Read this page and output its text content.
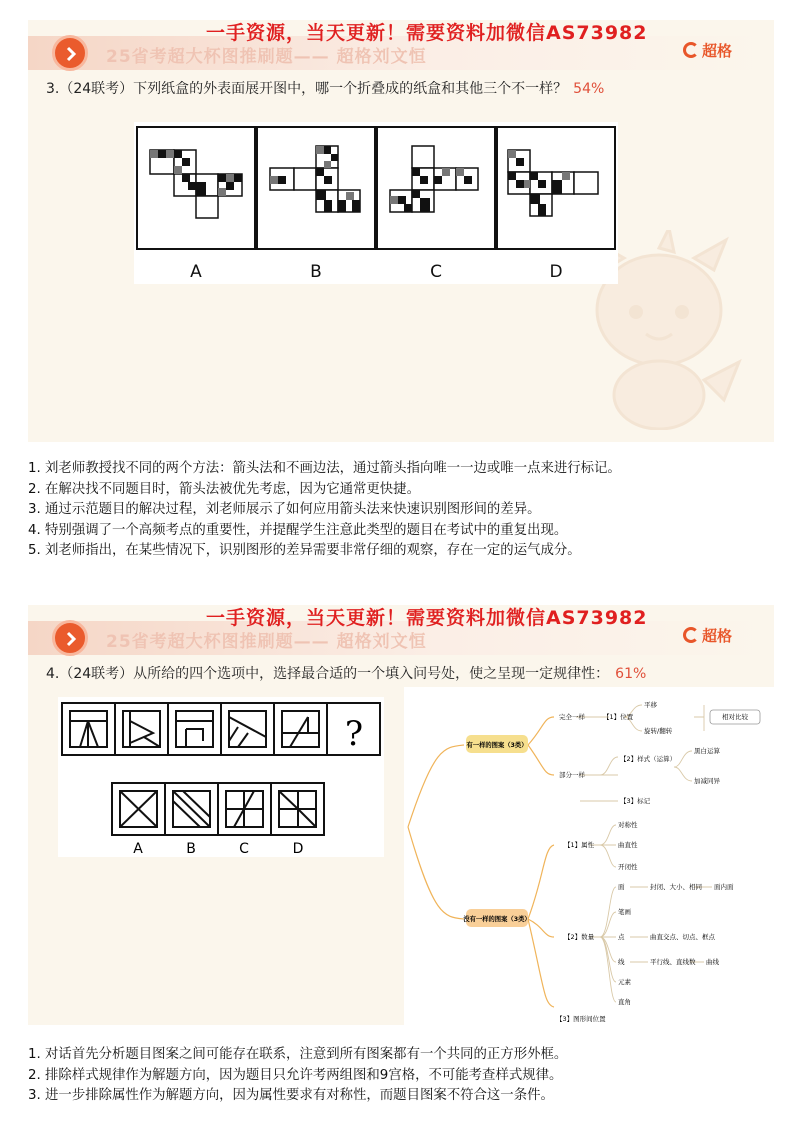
25省考超大杯图推刷题—— 超格刘文恒
一手资源，当天更新！需要资料加微信AS73982
超格
3.（24联考）下列纸盒的外表面展开图中，哪一个折叠成的纸盒和其他三个不一样？ 54%
A	B	C	D
1. 刘老师教授找不同的两个方法：箭头法和不画边法，通过箭头指向唯一一边或唯一点来进行标记。
2. 在解决找不同题目时，箭头法被优先考虑，因为它通常更快捷。
3. 通过示范题目的解决过程，刘老师展示了如何应用箭头法来快速识别图形间的差异。
4. 特别强调了一个高频考点的重要性，并提醒学生注意此类型的题目在考试中的重复出现。
5. 刘老师指出，在某些情况下，识别图形的差异需要非常仔细的观察，存在一定的运气成分。
25省考超大杯图推刷题—— 超格刘文恒
一手资源，当天更新！需要资料加微信AS73982
超格
4.（24联考）从所给的四个选项中，选择最合适的一个填入问号处，使之呈现一定规律性： 61%
?
A	B	C	D
有一样的图案（3类）
没有一样的图案（3类）
完全一样	【1】位置
平移
旋转/翻转
相对比较
部分一样
【2】样式（运算）
黑白运算
加减同异
【3】标记
【1】属性
对称性
曲直性
开闭性
【2】数量
面	封闭、大小、相同 面内面
笔画
点	曲直交点、切点、框点
线	平行线、直线数 曲线
元素
直角
【3】图形间位置
1. 对话首先分析题目图案之间可能存在联系，注意到所有图案都有一个共同的正方形外框。
2. 排除样式规律作为解题方向，因为题目只允许考两组图和9宫格，不可能考查样式规律。
3. 进一步排除属性作为解题方向，因为属性要求有对称性，而题目图案不符合这一条件。
